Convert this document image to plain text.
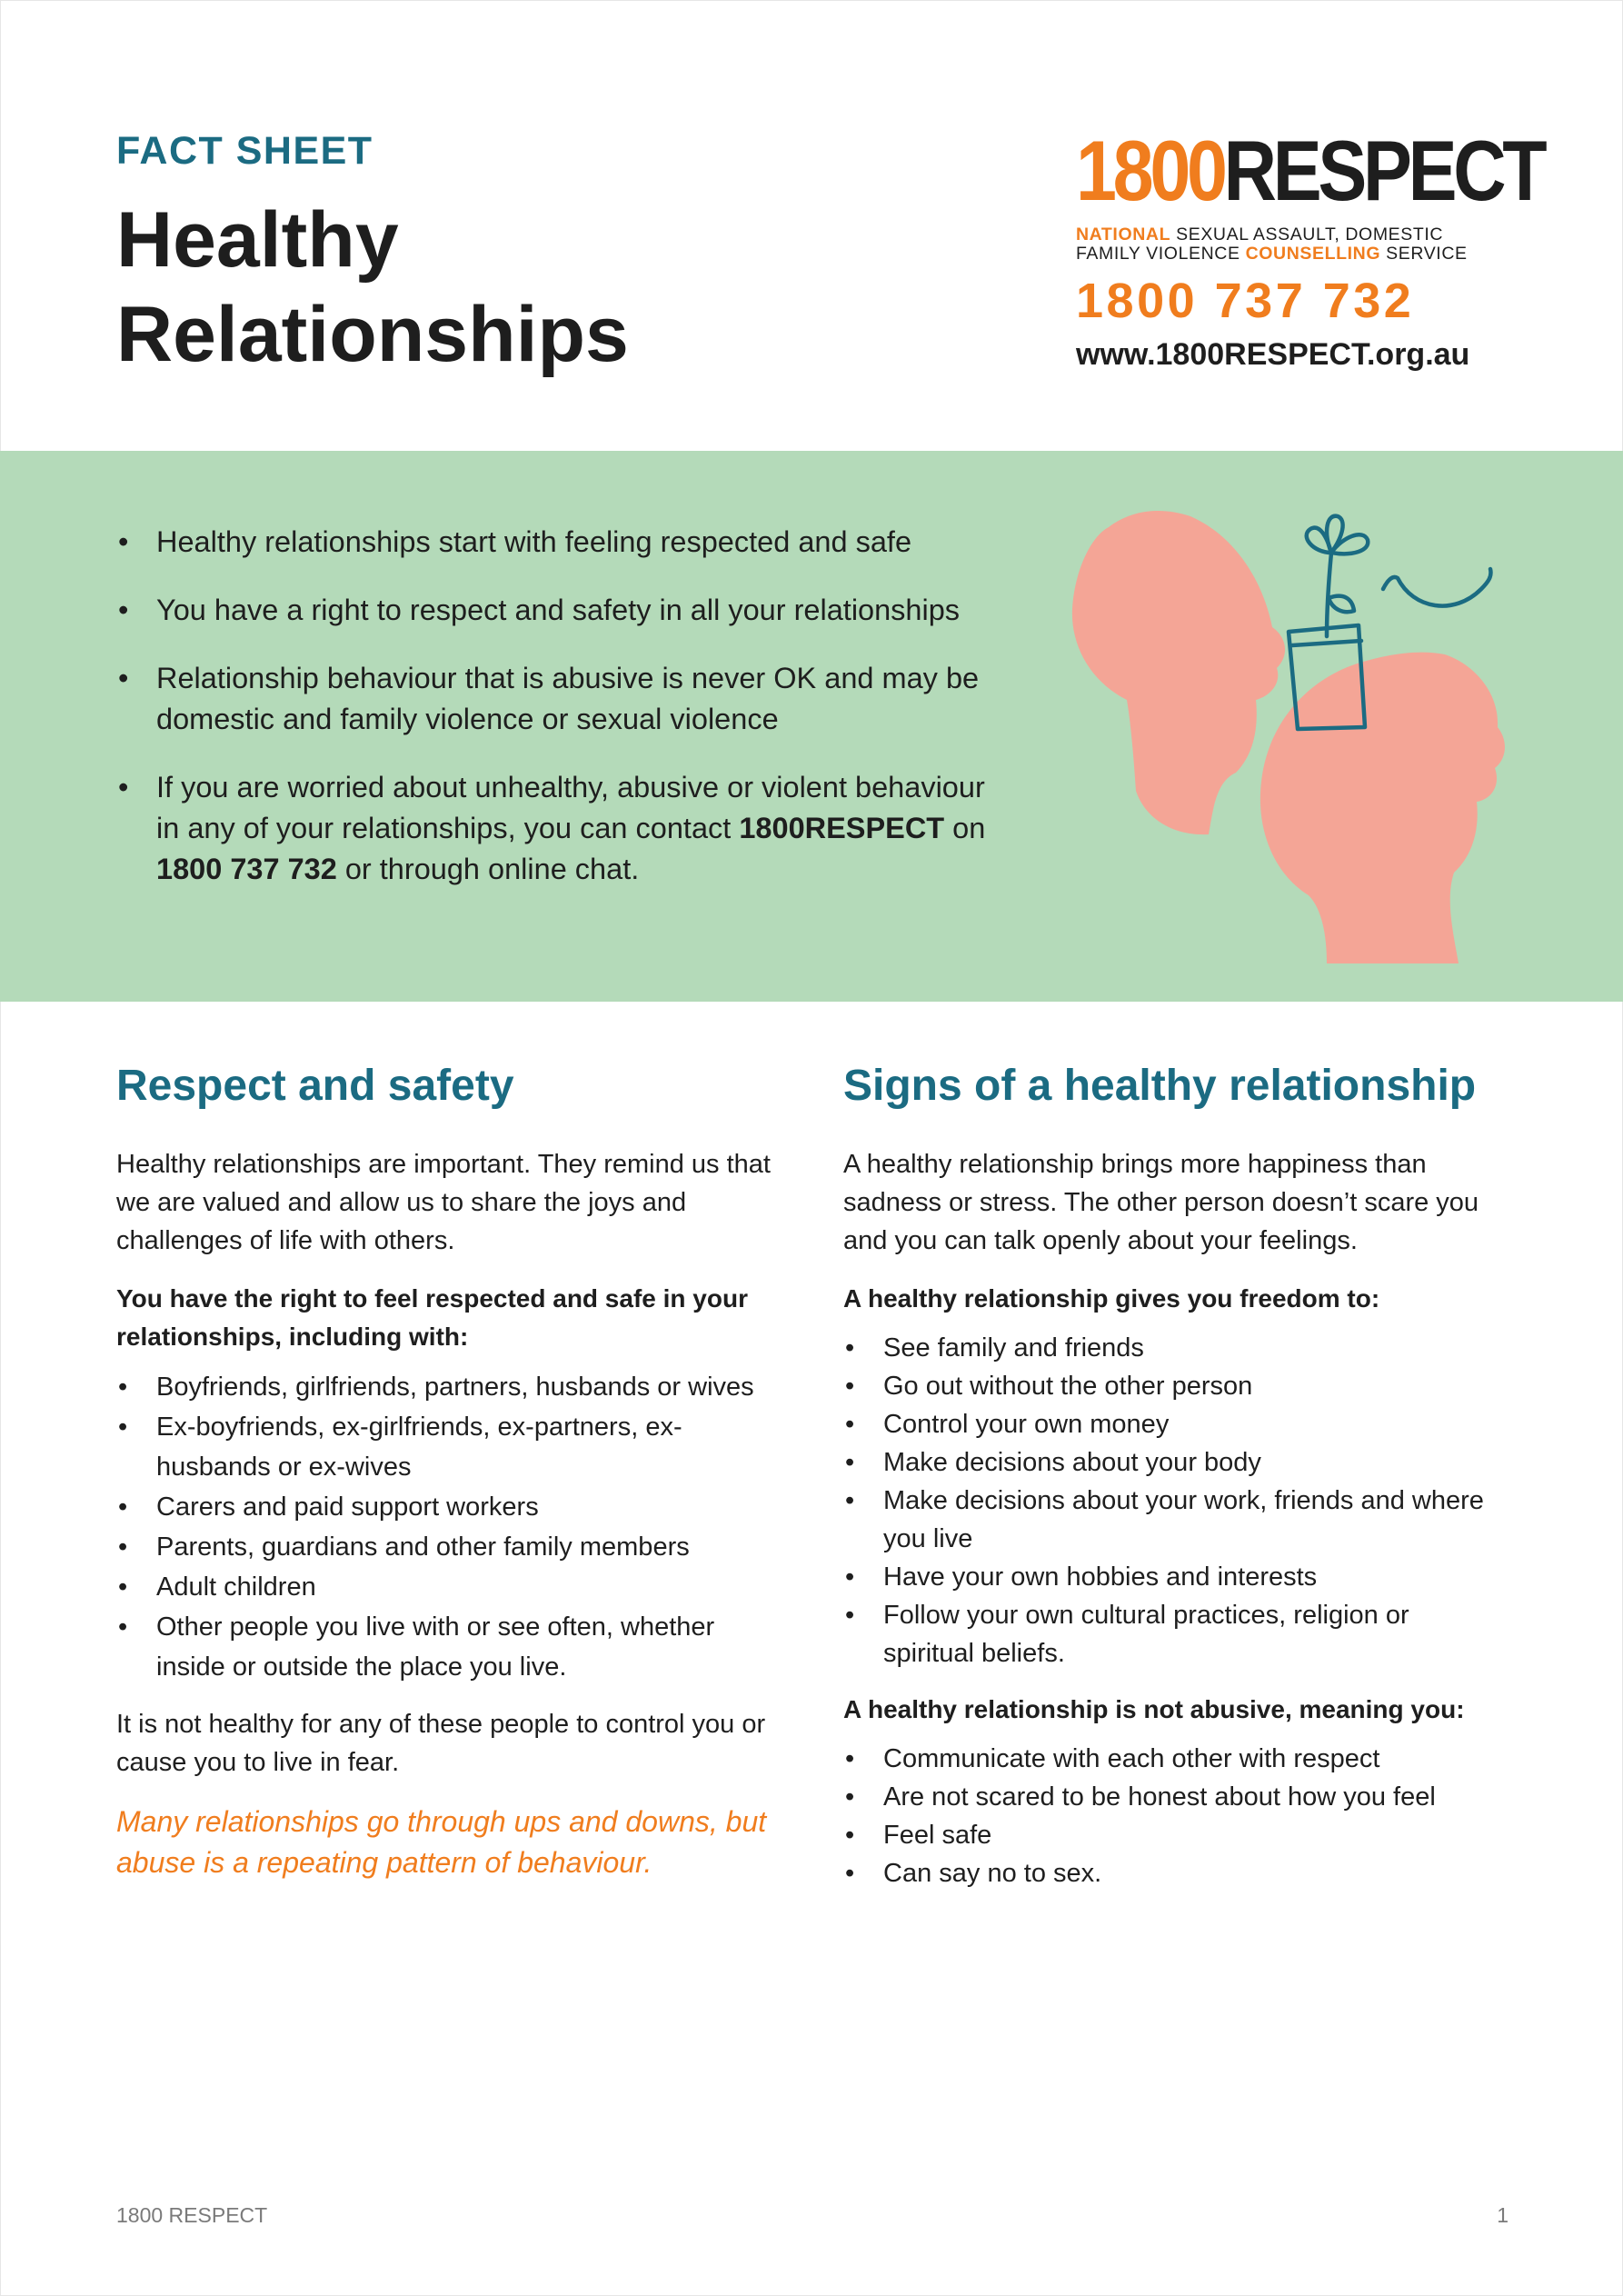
FACT SHEET
Healthy Relationships
1800 RESPECT
NATIONAL SEXUAL ASSAULT, DOMESTIC
FAMILY VIOLENCE COUNSELLING SERVICE
1800 737 732
www.1800RESPECT.org.au
• Healthy relationships start with feeling respected and safe
• You have a right to respect and safety in all your relationships
• Relationship behaviour that is abusive is never OK and may be domestic and family violence or sexual violence
• If you are worried about unhealthy, abusive or violent behaviour in any of your relationships, you can contact 1800RESPECT on 1800 737 732 or through online chat.
Respect and safety

Healthy relationships are important. They remind us that we are valued and allow us to share the joys and challenges of life with others.

You have the right to feel respected and safe in your relationships, including with:

• Boyfriends, girlfriends, partners, husbands or wives
• Ex-boyfriends, ex-girlfriends, ex-partners, ex-husbands or ex-wives
• Carers and paid support workers
• Parents, guardians and other family members
• Adult children
• Other people you live with or see often, whether inside or outside the place you live.

It is not healthy for any of these people to control you or cause you to live in fear.

Many relationships go through ups and downs, but abuse is a repeating pattern of behaviour.

Signs of a healthy relationship

A healthy relationship brings more happiness than sadness or stress. The other person doesn’t scare you and you can talk openly about your feelings.

A healthy relationship gives you freedom to:

• See family and friends
• Go out without the other person
• Control your own money
• Make decisions about your body
• Make decisions about your work, friends and where you live
• Have your own hobbies and interests
• Follow your own cultural practices, religion or spiritual beliefs.

A healthy relationship is not abusive, meaning you:

• Communicate with each other with respect
• Are not scared to be honest about how you feel
• Feel safe
• Can say no to sex.
1800 RESPECT	1
